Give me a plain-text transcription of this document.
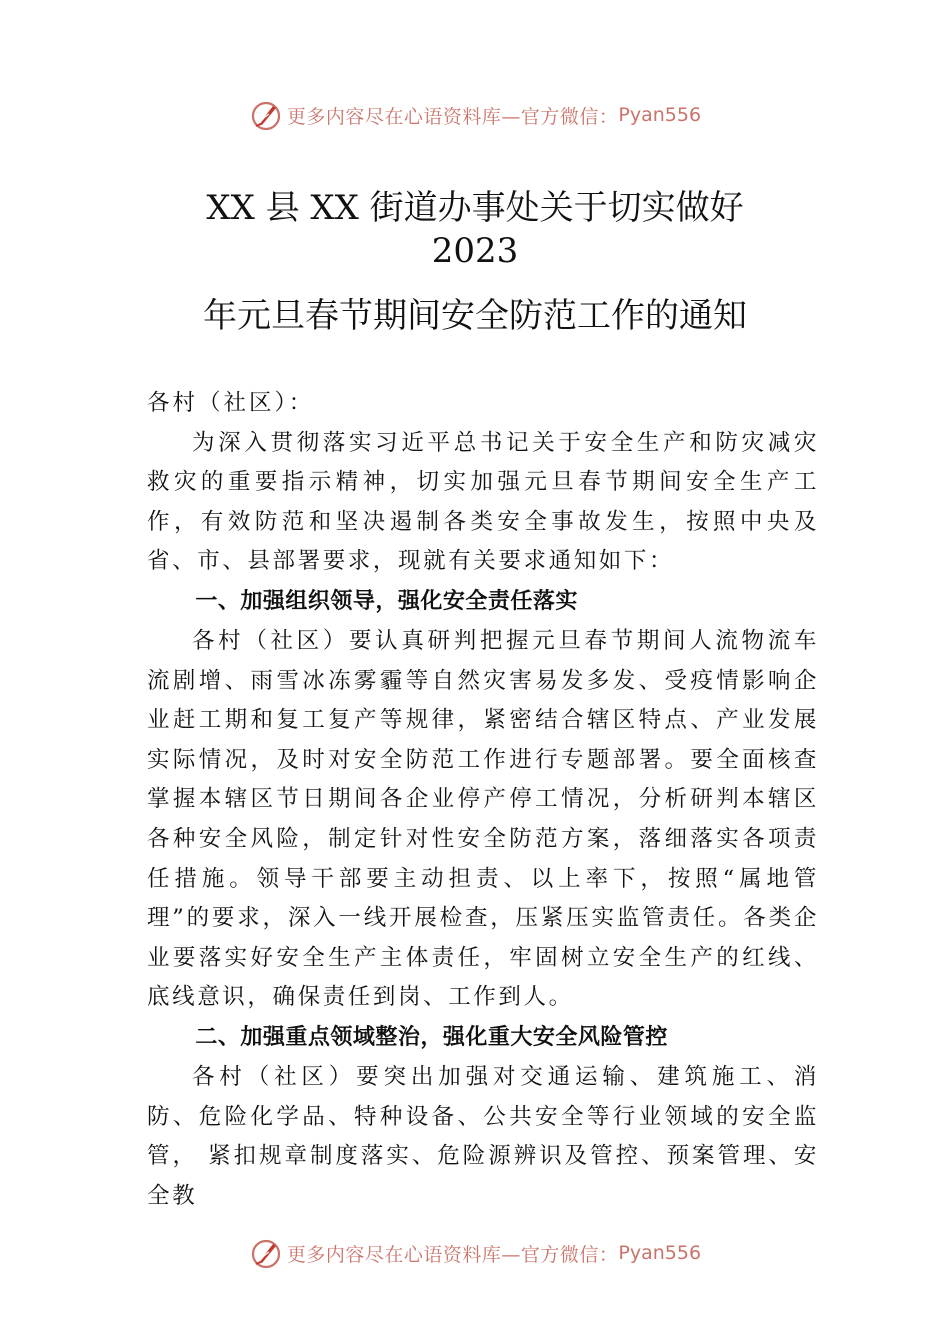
更多内容尽在心语资料库—官方微信： Pyan556
XX 县 XX 街道办事处关于切实做好
2023
年元旦春节期间安全防范工作的通知

各村（社区）：

为深入贯彻落实习近平总书记关于安全生产和防灾减灾救灾的重要指示精神，切实加强元旦春节期间安全生产工作，有效防范和坚决遏制各类安全事故发生，按照中央及省、市、县部署要求，现就有关要求通知如下：

一、加强组织领导，强化安全责任落实

各村（社区）要认真研判把握元旦春节期间人流物流车流剧增、雨雪冰冻雾霾等自然灾害易发多发、受疫情影响企业赶工期和复工复产等规律，紧密结合辖区特点、产业发展实际情况，及时对安全防范工作进行专题部署。要全面核查掌握本辖区节日期间各企业停产停工情况，分析研判本辖区各种安全风险，制定针对性安全防范方案，落细落实各项责任措施。领导干部要主动担责、以上率下，按照“属地管理”的要求，深入一线开展检查，压紧压实监管责任。各类企业要落实好安全生产主体责任，牢固树立安全生产的红线、底线意识，确保责任到岗、工作到人。

二、加强重点领域整治，强化重大安全风险管控

各村（社区）要突出加强对交通运输、建筑施工、消防、危险化学品、特种设备、公共安全等行业领域的安全监管， 紧扣规章制度落实、危险源辨识及管控、预案管理、安全教

更多内容尽在心语资料库—官方微信： Pyan556
